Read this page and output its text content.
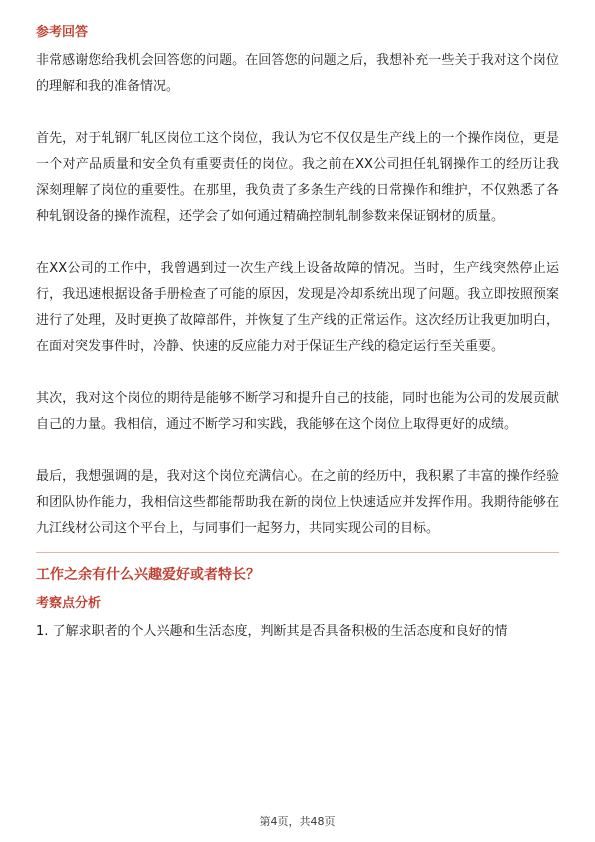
参考回答

非常感谢您给我机会回答您的问题。在回答您的问题之后，我想补充一些关于我对这个岗位的理解和我的准备情况。

首先，对于轧钢厂轧区岗位工这个岗位，我认为它不仅仅是生产线上的一个操作岗位，更是一个对产品质量和安全负有重要责任的岗位。我之前在XX公司担任轧钢操作工的经历让我深刻理解了岗位的重要性。在那里，我负责了多条生产线的日常操作和维护，不仅熟悉了各种轧钢设备的操作流程，还学会了如何通过精确控制轧制参数来保证钢材的质量。

在XX公司的工作中，我曾遇到过一次生产线上设备故障的情况。当时，生产线突然停止运行，我迅速根据设备手册检查了可能的原因，发现是冷却系统出现了问题。我立即按照预案进行了处理，及时更换了故障部件，并恢复了生产线的正常运作。这次经历让我更加明白，在面对突发事件时，冷静、快速的反应能力对于保证生产线的稳定运行至关重要。

其次，我对这个岗位的期待是能够不断学习和提升自己的技能，同时也能为公司的发展贡献自己的力量。我相信，通过不断学习和实践，我能够在这个岗位上取得更好的成绩。

最后，我想强调的是，我对这个岗位充满信心。在之前的经历中，我积累了丰富的操作经验和团队协作能力，我相信这些都能帮助我在新的岗位上快速适应并发挥作用。我期待能够在九江线材公司这个平台上，与同事们一起努力，共同实现公司的目标。

工作之余有什么兴趣爱好或者特长？

考察点分析

1. 了解求职者的个人兴趣和生活态度，判断其是否具备积极的生活态度和良好的情

第4页，共48页
